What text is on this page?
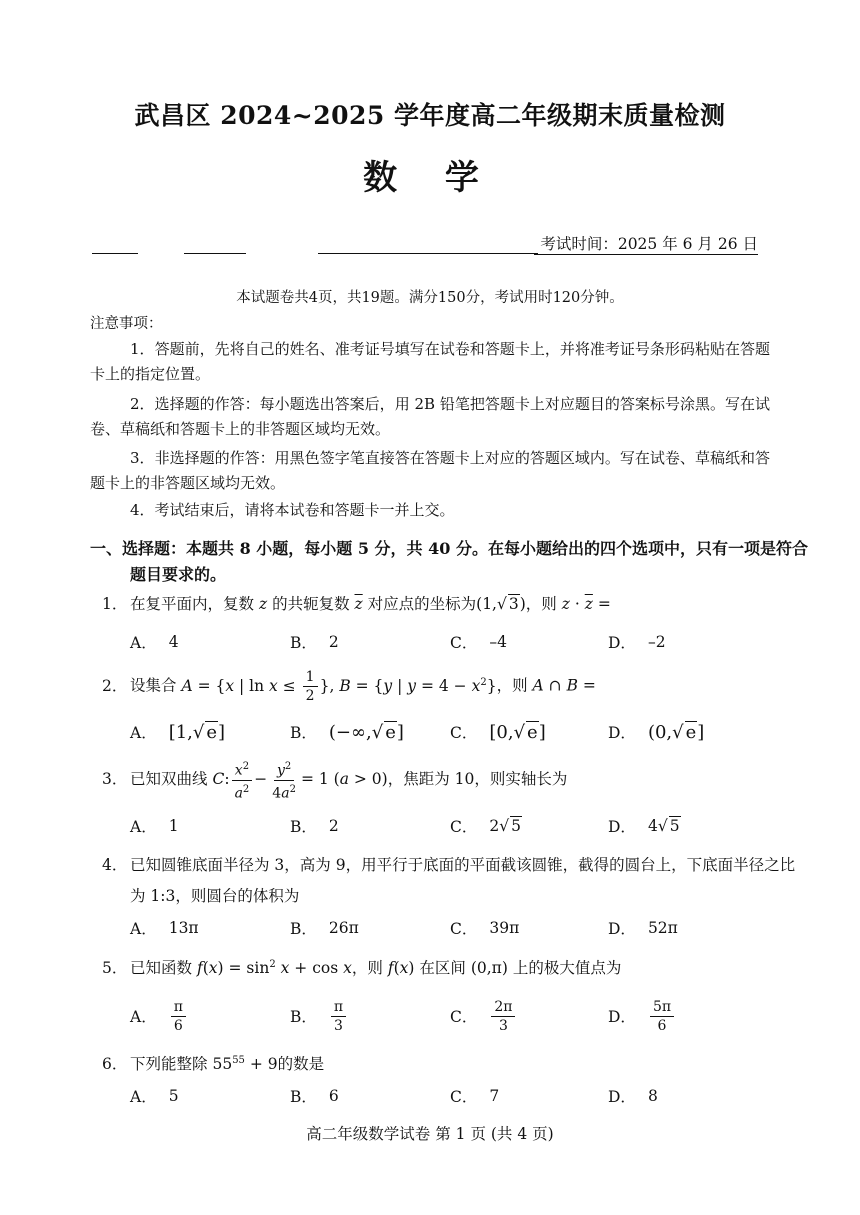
武昌区 2024~2025 学年度高二年级期末质量检测
数 学
考试时间：2025 年 6 月 26 日
本试题卷共4页，共19题。满分150分，考试用时120分钟。
注意事项：
1．答题前，先将自己的姓名、准考证号填写在试卷和答题卡上，并将准考证号条形码粘贴在答题卡上的指定位置。
2．选择题的作答：每小题选出答案后，用 2B 铅笔把答题卡上对应题目的答案标号涂黑。写在试卷、草稿纸和答题卡上的非答题区域均无效。
3．非选择题的作答：用黑色签字笔直接答在答题卡上对应的答题区域内。写在试卷、草稿纸和答题卡上的非答题区域均无效。
4．考试结束后，请将本试卷和答题卡一并上交。
一、选择题：本题共 8 小题，每小题 5 分，共 40 分。在每小题给出的四个选项中，只有一项是符合题目要求的。
1． 在复平面内，复数 z 的共轭复数 $\overline{z}$ 对应点的坐标为(1,√ 3)，则 $z \cdot \overline{z}$ =
A． 4	B． 2	C． –4	D． –2
2． 设集合 A = {x | $\ln x \le \frac{1}{2}$ }, B = {y | $y = 4 - x^2$}，则 A ∩ B =
A． [1,√ e]	B． (−∞,√ e]	C． [0,√ e]	D． (0,√ e]
3． 已知双曲线 C: $\frac{x^2}{a^2} - \frac{y^2}{4a^2} = 1$ (a > 0)，焦距为 10，则实轴长为
A． 1	B． 2	C． 2 √ 5	D． 4 √ 5
4． 已知圆锥底面半径为 3，高为 9，用平行于底面的平面截该圆锥，截得的圆台上，下底面半径之比为 1:3，则圆台的体积为
A． 13π	B． 26π	C． 39π	D． 52π
5． 已知函数 $f(x) = \sin^2 x + \cos x$，则 f(x) 在区间 (0,π) 上的极大值点为
A． $\frac{\pi}{6}$	B． $\frac{\pi}{3}$	C． $\frac{2\pi}{3}$	D． $\frac{5\pi}{6}$
6． 下列能整除 $55^{55} + 9$的数是
A． 5	B． 6	C． 7	D． 8
高二年级数学试卷 第 1 页 (共 4 页)
